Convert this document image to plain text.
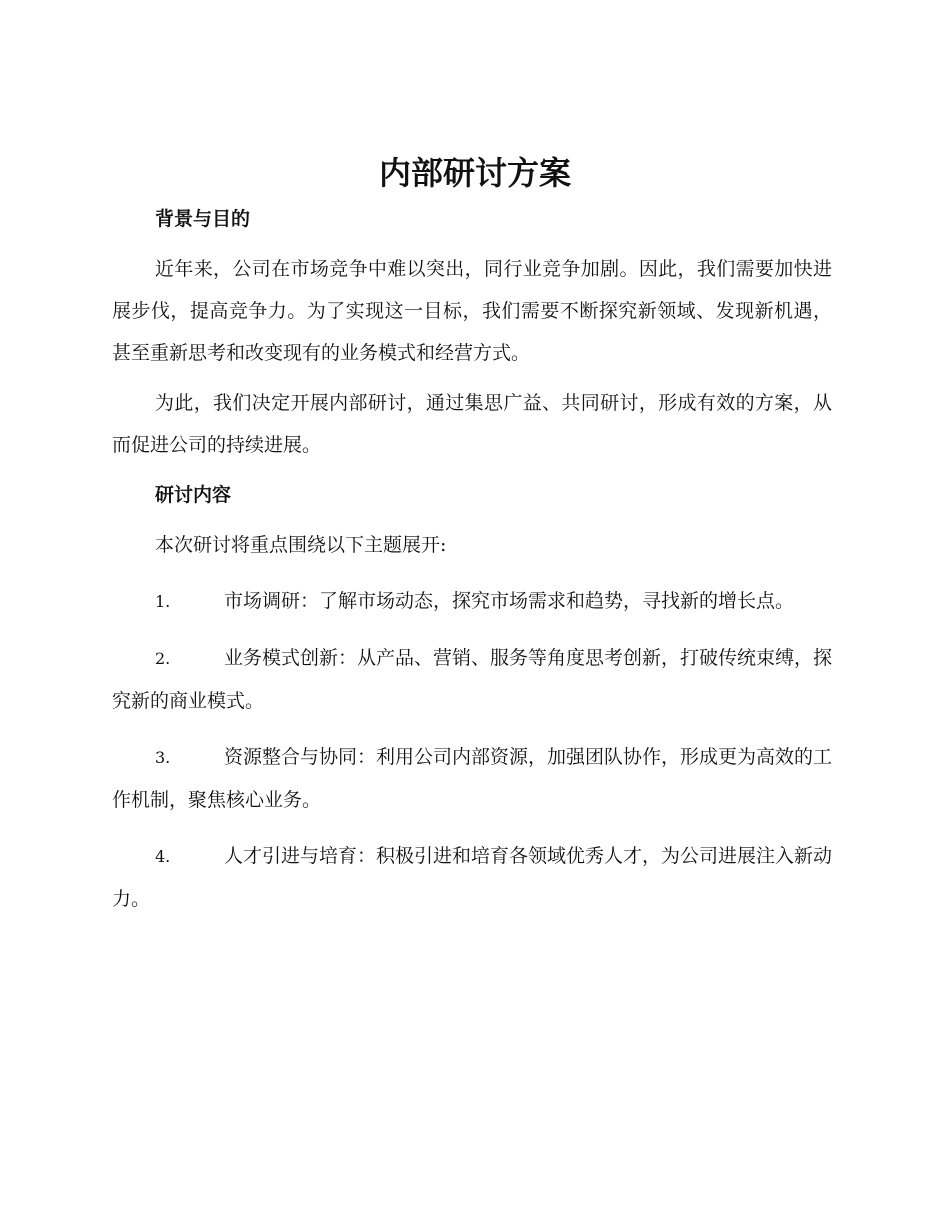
内部研讨方案
背景与目的

近年来，公司在市场竞争中难以突出，同行业竞争加剧。因此，我们需要加快进展步伐，提高竞争力。为了实现这一目标，我们需要不断探究新领域、发现新机遇，甚至重新思考和改变现有的业务模式和经营方式。

为此，我们决定开展内部研讨，通过集思广益、共同研讨，形成有效的方案，从而促进公司的持续进展。

研讨内容

本次研讨将重点围绕以下主题展开:

1.	市场调研：了解市场动态，探究市场需求和趋势，寻找新的增长点。

2.	业务模式创新：从产品、营销、服务等角度思考创新，打破传统束缚，探究新的商业模式。

3.	资源整合与协同：利用公司内部资源，加强团队协作，形成更为高效的工作机制，聚焦核心业务。

4.	人才引进与培育：积极引进和培育各领域优秀人才，为公司进展注入新动力。
